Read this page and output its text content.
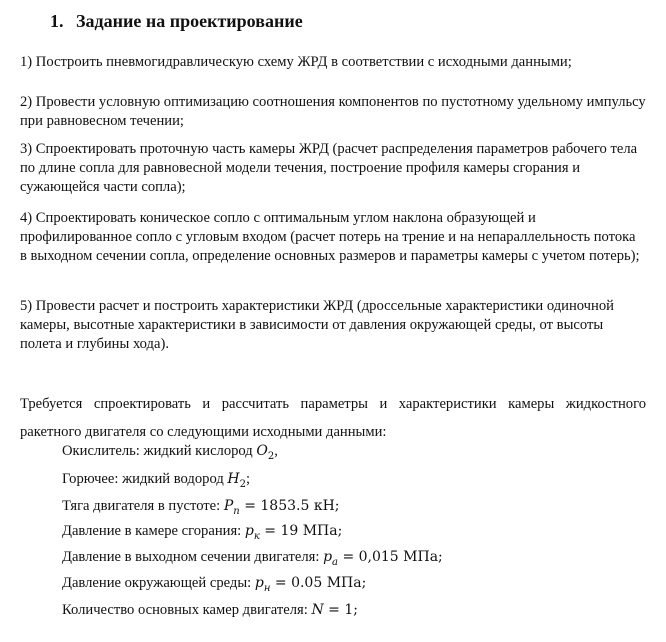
1. Задание на проектирование

1) Построить пневмогидравлическую схему ЖРД в соответствии с исходными данными;

2) Провести условную оптимизацию соотношения компонентов по пустотному удельному импульсу при равновесном течении;

3) Спроектировать проточную часть камеры ЖРД (расчет распределения параметров рабочего тела по длине сопла для равновесной модели течения, построение профиля камеры сгорания и сужающейся части сопла);

4) Спроектировать коническое сопло с оптимальным углом наклона образующей и профилированное сопло с угловым входом (расчет потерь на трение и на непараллельность потока в выходном сечении сопла, определение основных размеров и параметры камеры с учетом потерь);

5) Провести расчет и построить характеристики ЖРД (дроссельные характеристики одиночной камеры, высотные характеристики в зависимости от давления окружающей среды, от высоты полета и глубины хода).

Требуется спроектировать и рассчитать параметры и характеристики камеры жидкостного
ракетного двигателя со следующими исходными данными:

Окислитель: жидкий кислород $O_2$,
Горючее: жидкий водород $H_2$;
Тяга двигателя в пустоте: $P_п = 1853.5$ кН;
Давление в камере сгорания: $p_к = 19$ МПа;
Давление в выходном сечении двигателя: $p_a = 0,015$ МПа;
Давление окружающей среды: $p_н = 0.05$ МПа;
Количество основных камер двигателя: N = 1;
